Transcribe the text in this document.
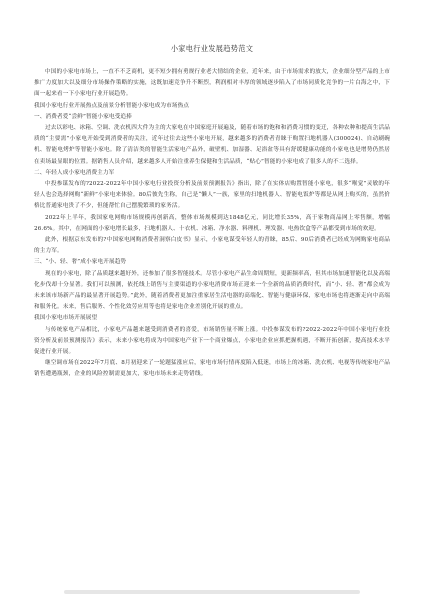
小家电行业发展趋势范文
中国的小家电市场上，一直不不乏商机，更不短少拥有勇规行业老大情结的企业，近年来，由于市场需求的放大，企业细分型产品的上市推广力度加大以及细分市场操作策略的实施，这既加速竞争升不断烈，利润相对丰厚的领域逐步陷入了市场同质化竞争的一片白海之中，下面一起来看一下小家电行业开展趋势。
我国小家电行业开展热点及前景分析智能小家电成为市场热点
一、消费者爱“尝鲜”智能小家电受追捧
过去以彩电、冰箱、空调、洗衣机四大件为主的大家电在中国家庭开展遍及，随着市场的饱和和消费习惯的变迁，各种农种和提高生活品质的“主要需”小家电开始受到消费者的关注，近年过往去这些小家电开展，越来越多的消费者青睐于购置扫地机器人(300024)、自动刷碗机、智能电烤炉等智能小家电。除了清洁类的智能生活家电产品外，破壁机、加湿器、足浴盆等具有舒缓健康功能的小家电也是增势仍然居在卖场最显眼的位置。据销售人员介绍，越来越多人开始注重养生保健和生活品质，“贴心”智能的小家电成了很多人的不二选择。
二、年轻人成小家电消费主力军
中投参谋发布的?2022-2022年中国小家电行业投资分析及前景预测报告》指出，除了在实体店购置智能小家电，很多“喉觉”灵敏的年轻人也会选择网购“新鲜”小家电来体验。80后彼先生称，自己是“懒人”一族，家里的扫地机器人、智能电饭炉等都是从网上购买的，虽然价格比普通家电贵了不少，但能帮忙自己摆脱繁琐的家务活。
2022年上半年，我国家电网购市场规模再创新高，整体市场规模到达1848亿元，同比增长35%，高于家物商品网上零售额，增幅26.6%。其中，在网面的小家电增长最多，扫地机器人、十衣机、冰箱、净水器、料理机、理发器、电热饮盒等产品都受到市场的欢迎。
此外，根据京东发布的?中国家电网购消费者洞察白皮书》显示，小家电谋受年轻人的青睐，85后、90后消费者已经成为网购家电商品的主力军。
三、“小、轻、奢”成小家电开展趋势
现在的小家电，除了品质越来越好外，还参加了很多智能技术。尽管小家电产品生命周期短，更新频率高，但其市场加速智能化以及高端化步伐却十分显著。我们可以预测，依托线上销售与主要渠道的小家电消费市场正迎来一个全新的品质消费时代，而“小、轻、奢”都会成为未来该市场新产品的最显著开展趋势。”此外，随着消费者更加注重家居生活电器的高端化、智能与健康环保，家电市场也将逐渐走向中高端和服务化。未来，售后服务、个性化效劳应用等也将是家电企业差别化开展的重点。
我国小家电市场开展展望
与传统家电产品相比，小家电产品越来越受到消费者的喜爱，市场销售量不断上涨。中投参谋发布的?2022-2022年中国小家电行业投资分析及前景预测报告》表示，未来小家电将成为中国家电产业下一个商业爆点，小家电企业应抓把握机遇，不断开拓创新，提高技术水平促进行业开展。
继空调市场在2022年7月底、8月初迎来了一轮题猛涨应后，家电市场行情再度陷入低迷，市场上的冰箱、洗衣机、电视等传统家电产品销售遭遇瓶颈，企业的风险控制需更加大，家电市场未来走势错线。
